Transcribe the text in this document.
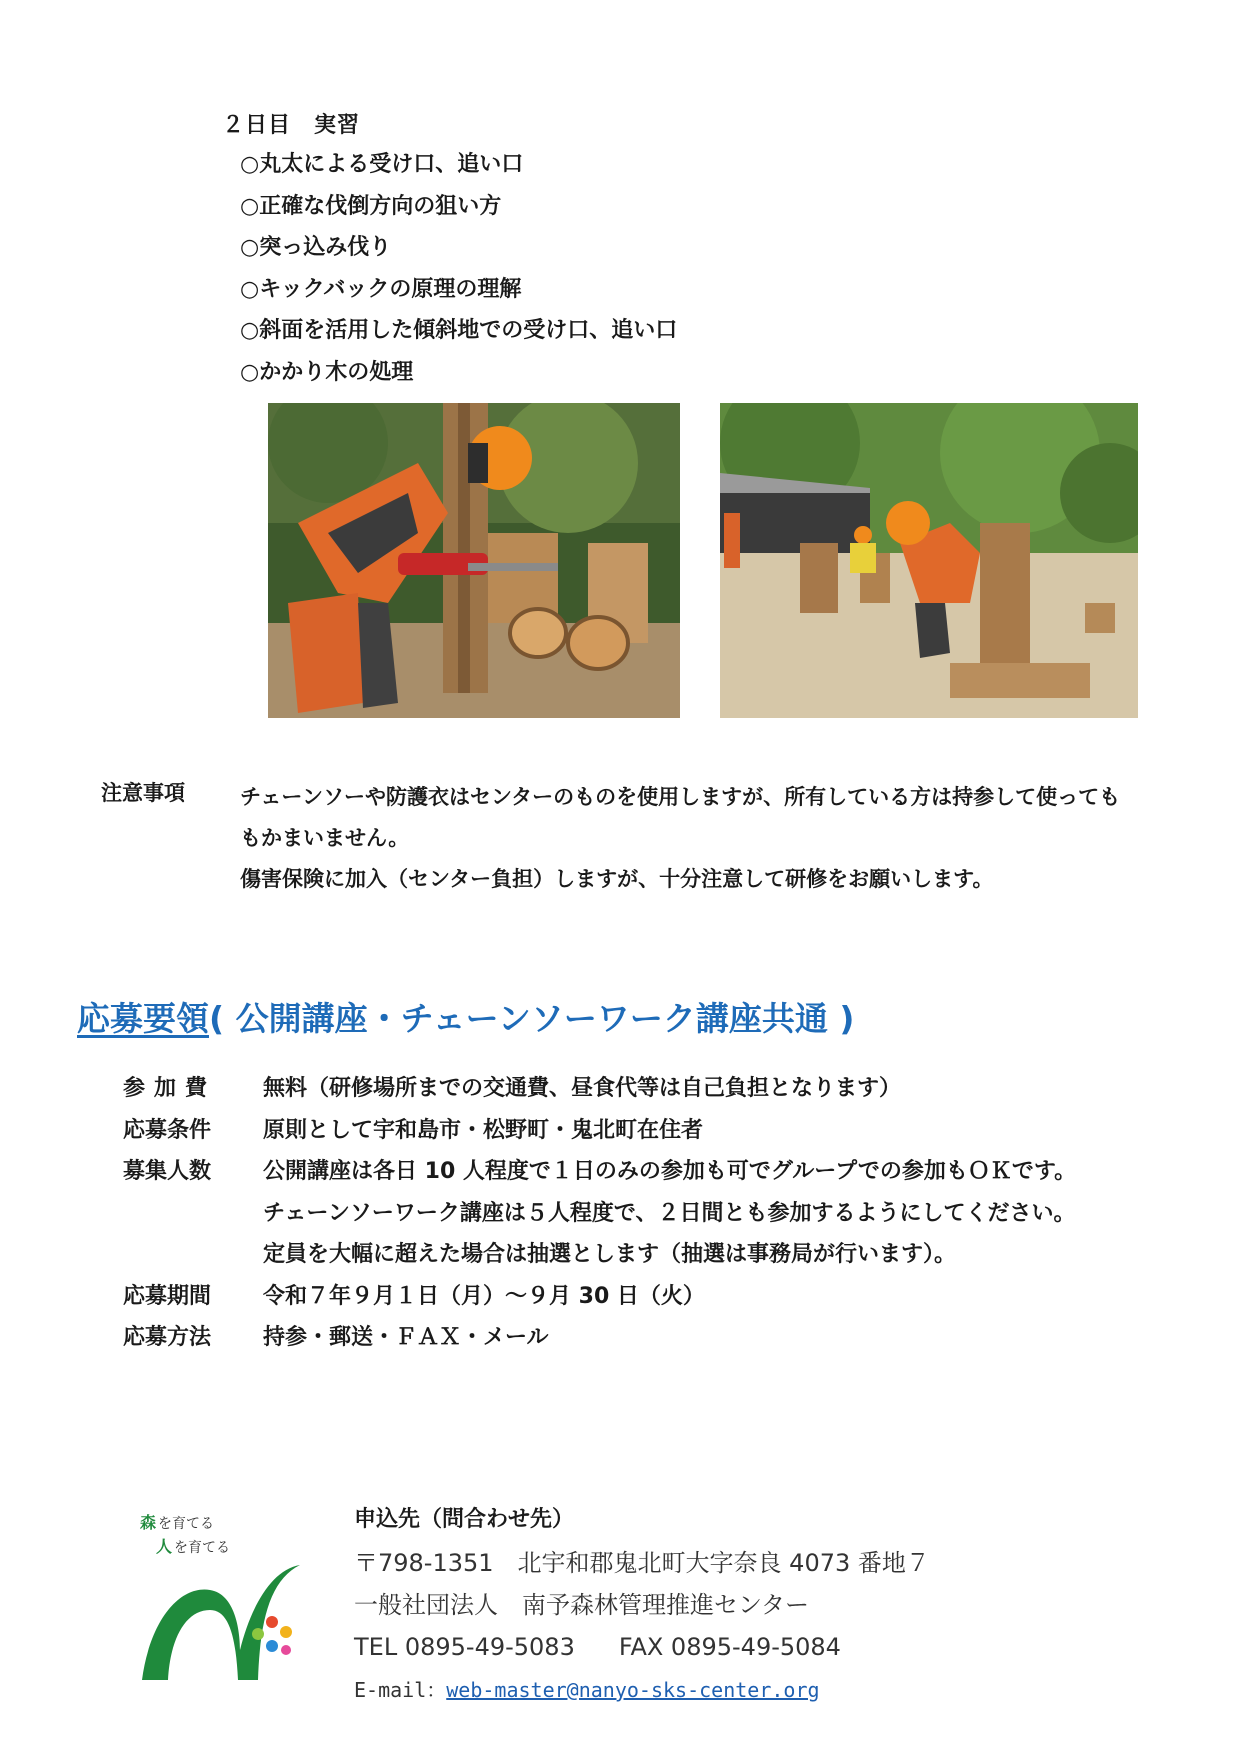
２日目　実習
○丸太による受け口、追い口
○正確な伐倒方向の狙い方
○突っ込み伐り
○キックバックの原理の理解
○斜面を活用した傾斜地での受け口、追い口
○かかり木の処理
注意事項	チェーンソーや防護衣はセンターのものを使用しますが、所有している方は持参して使っても

もかまいません。

傷害保険に加入（センター負担）しますが、十分注意して研修をお願いします。

応募要領( 公開講座・チェーンソーワーク講座共通 )
参加費	無料（研修場所までの交通費、昼食代等は自己負担となります）
応募条件	原則として宇和島市・松野町・鬼北町在住者
募集人数	公開講座は各日 10 人程度で１日のみの参加も可でグループでの参加もＯＫです。
チェーンソーワーク講座は５人程度で、２日間とも参加するようにしてください。
定員を大幅に超えた場合は抽選とします（抽選は事務局が行います）。
応募期間	令和７年９月１日（月）～９月 30 日（火）
応募方法	持参・郵送・ＦＡＸ・メール
森 を育てる
人 を育てる
申込先（問合わせ先）
〒798-1351　北宇和郡鬼北町大字奈良 4073 番地７
一般社団法人　南予森林管理推進センター
TEL 0895-49-5083 FAX 0895-49-5084
E-mail：web-master@nanyo-sks-center.org
